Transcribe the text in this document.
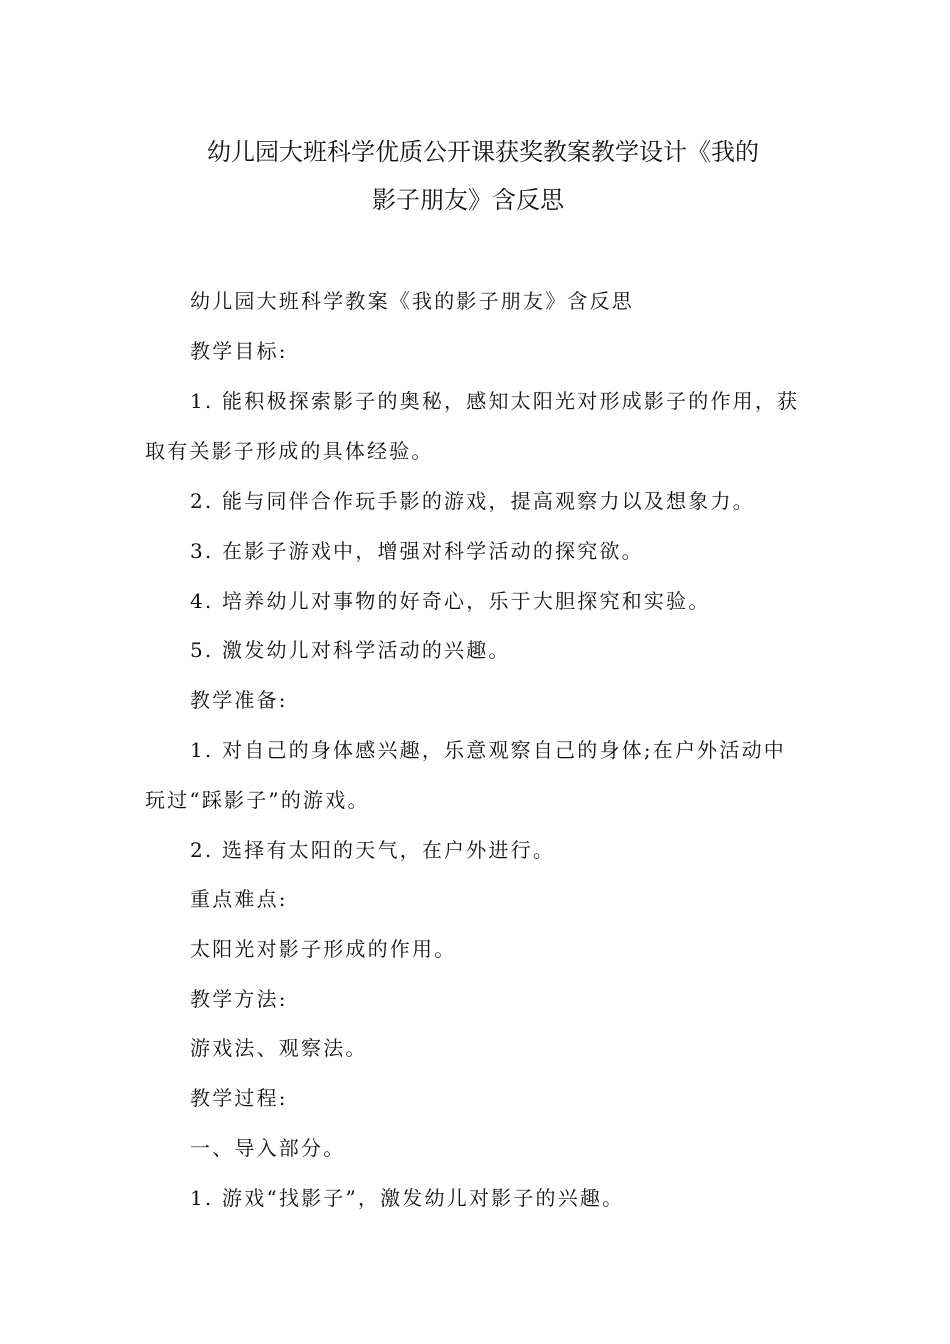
幼儿园大班科学优质公开课获奖教案教学设计《我的
影子朋友》含反思
幼儿园大班科学教案《我的影子朋友》含反思
教学目标:
1. 能积极探索影子的奥秘，感知太阳光对形成影子的作用，获
取有关影子形成的具体经验。
2. 能与同伴合作玩手影的游戏，提高观察力以及想象力。
3. 在影子游戏中，增强对科学活动的探究欲。
4. 培养幼儿对事物的好奇心，乐于大胆探究和实验。
5. 激发幼儿对科学活动的兴趣。
教学准备:
1. 对自己的身体感兴趣，乐意观察自己的身体;在户外活动中
玩过“踩影子”的游戏。
2. 选择有太阳的天气，在户外进行。
重点难点:
太阳光对影子形成的作用。
教学方法:
游戏法、观察法。
教学过程:
一、导入部分。
1. 游戏“找影子”，激发幼儿对影子的兴趣。
